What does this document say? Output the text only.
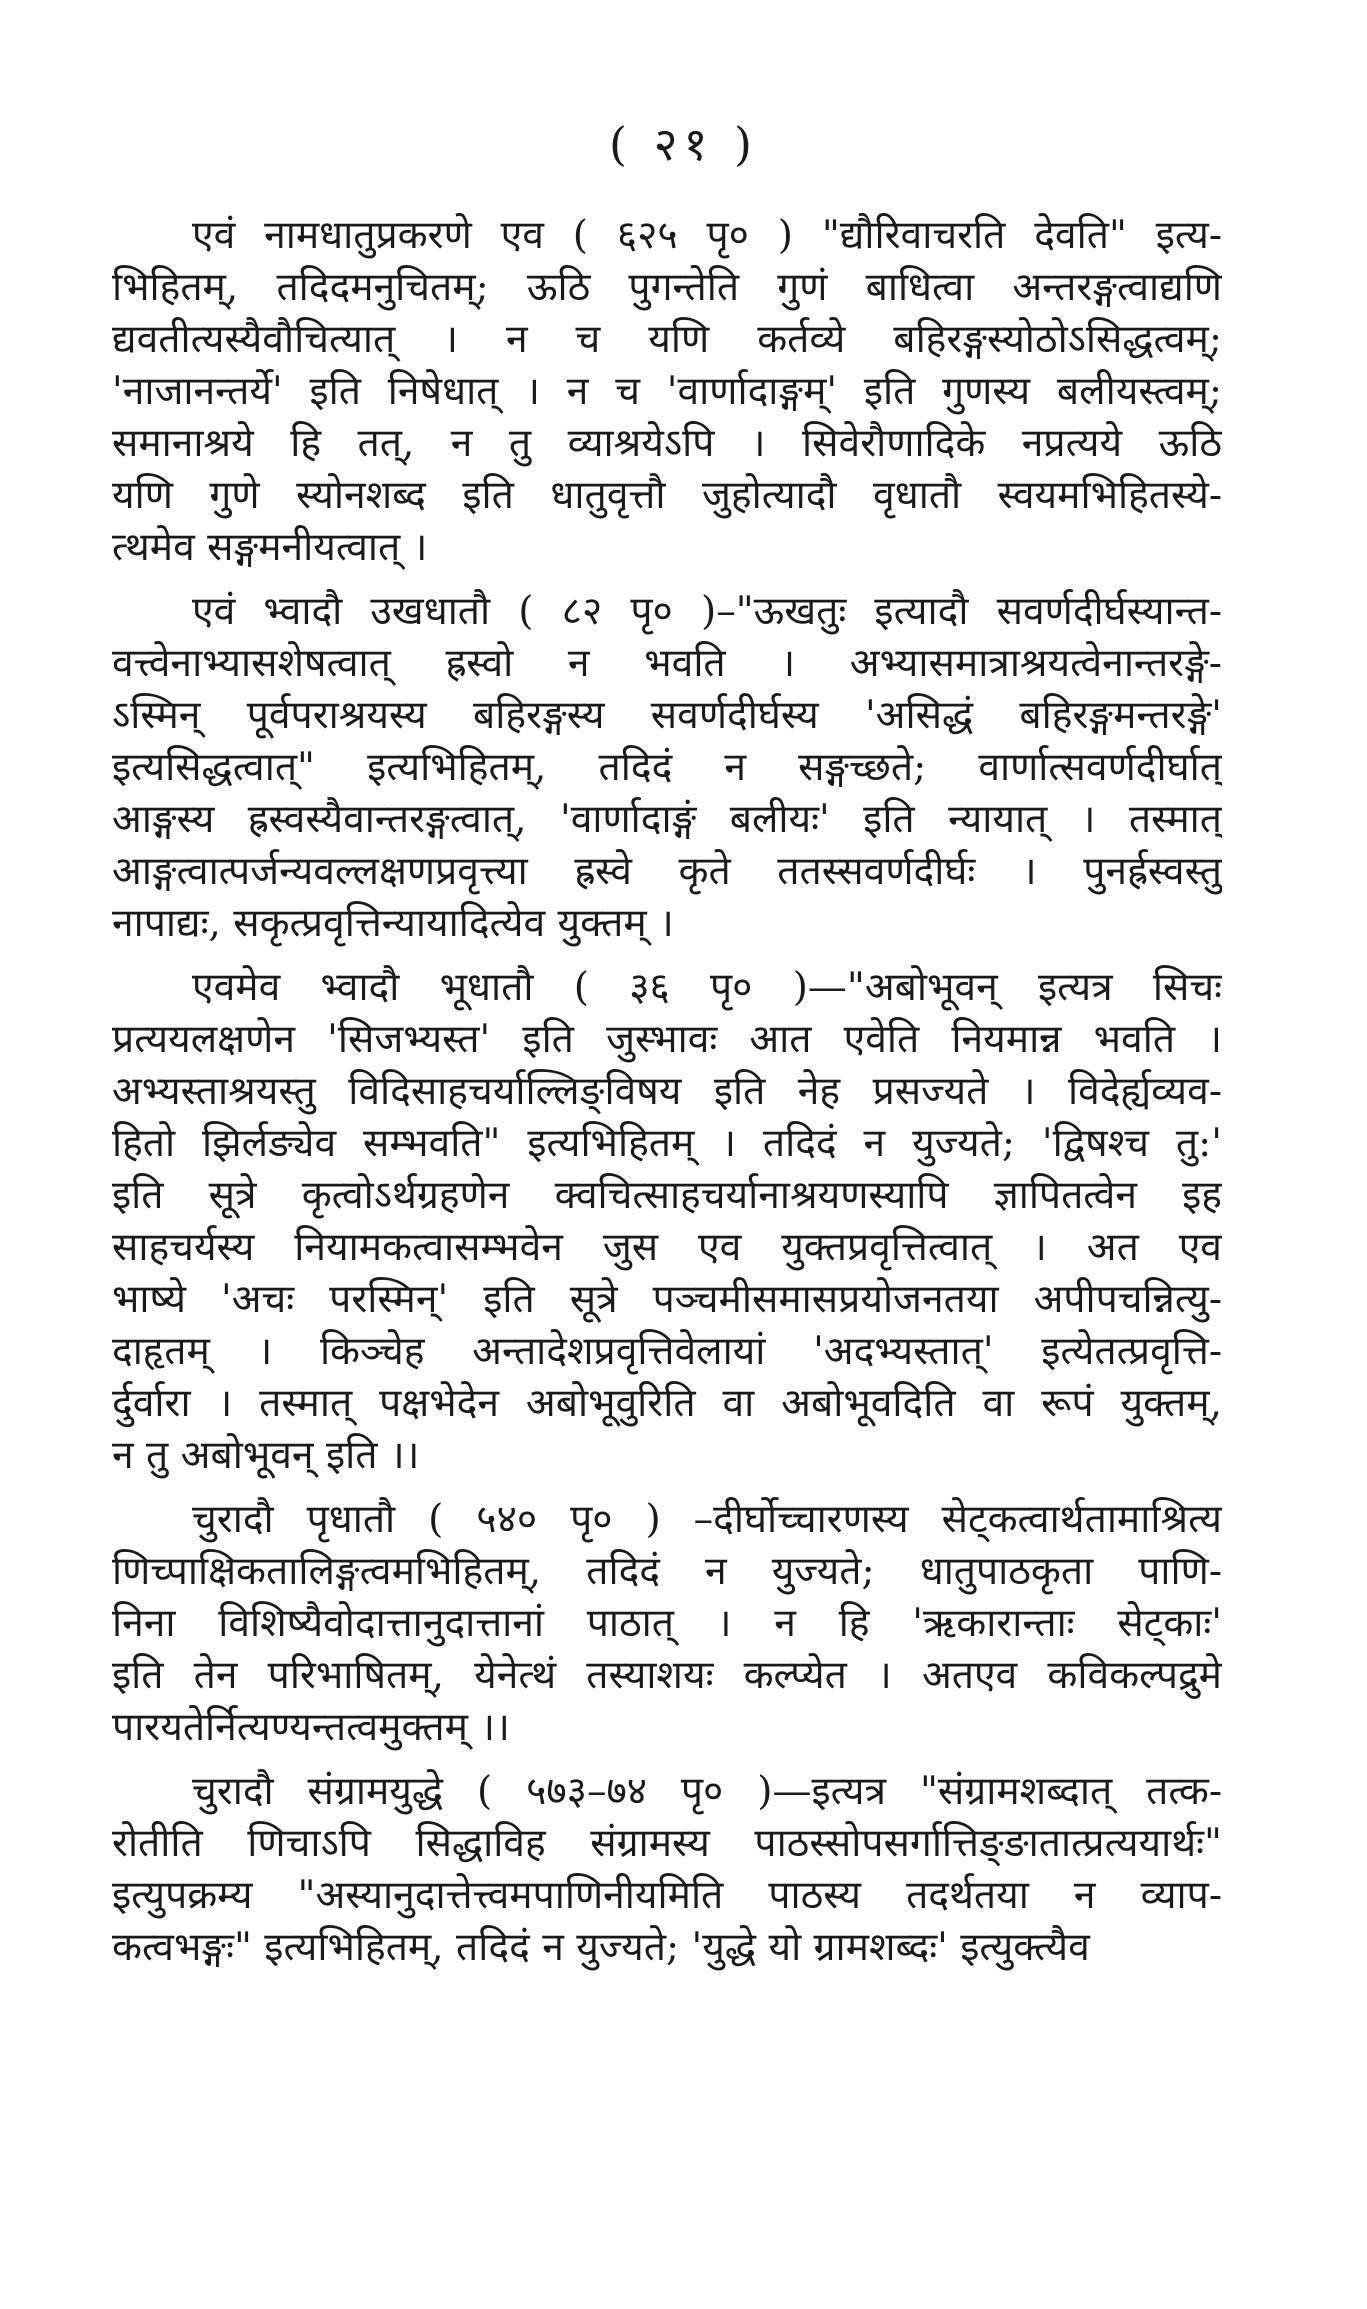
( २१ )
एवं नामधातुप्रकरणे एव ( ६२५ पृ० ) "द्यौरिवाचरति देवति" इत्य-
भिहितम्, तदिदमनुचितम्; ऊठि पुगन्तेति गुणं बाधित्वा अन्तरङ्गत्वाद्यणि
द्यवतीत्यस्यैवौचित्यात् । न च यणि कर्तव्ये बहिरङ्गस्योठोऽसिद्धत्वम्;
'नाजानन्तर्ये' इति निषेधात् । न च 'वार्णादाङ्गम्' इति गुणस्य बलीयस्त्वम्;
समानाश्रये हि तत्, न तु व्याश्रयेऽपि । सिवेरौणादिके नप्रत्यये ऊठि
यणि गुणे स्योनशब्द इति धातुवृत्तौ जुहोत्यादौ वृधातौ स्वयमभिहितस्ये-
त्थमेव सङ्गमनीयत्वात् ।
एवं भ्वादौ उखधातौ ( ८२ पृ० )–"ऊखतुः इत्यादौ सवर्णदीर्घस्यान्त-
वत्त्वेनाभ्यासशेषत्वात् ह्रस्वो न भवति । अभ्यासमात्राश्रयत्वेनान्तरङ्गे-
ऽस्मिन् पूर्वपराश्रयस्य बहिरङ्गस्य सवर्णदीर्घस्य 'असिद्धं बहिरङ्गमन्तरङ्गे'
इत्यसिद्धत्वात्" इत्यभिहितम्, तदिदं न सङ्गच्छते; वार्णात्सवर्णदीर्घात्
आङ्गस्य ह्रस्वस्यैवान्तरङ्गत्वात्, 'वार्णादाङ्गं बलीयः' इति न्यायात् । तस्मात्
आङ्गत्वात्पर्जन्यवल्लक्षणप्रवृत्त्या ह्रस्वे कृते ततस्सवर्णदीर्घः । पुनर्ह्रस्वस्तु
नापाद्यः, सकृत्प्रवृत्तिन्यायादित्येव युक्तम् ।
एवमेव भ्वादौ भूधातौ ( ३६ पृ० )—"अबोभूवन् इत्यत्र सिचः
प्रत्ययलक्षणेन 'सिजभ्यस्त' इति जुस्भावः आत एवेति नियमान्न भवति ।
अभ्यस्ताश्रयस्तु विदिसाहचर्याल्लिङ्विषय इति नेह प्रसज्यते । विदेर्ह्यव्यव-
हितो झिर्लङ्येव सम्भवति" इत्यभिहितम् । तदिदं न युज्यते; 'द्विषश्च तु:'
इति सूत्रे कृत्वोऽर्थग्रहणेन क्वचित्साहचर्यानाश्रयणस्यापि ज्ञापितत्वेन इह
साहचर्यस्य नियामकत्वासम्भवेन जुस एव युक्तप्रवृत्तित्वात् । अत एव
भाष्ये 'अचः परस्मिन्' इति सूत्रे पञ्चमीसमासप्रयोजनतया अपीपचन्नित्यु-
दाहृतम् । किञ्चेह अन्तादेशप्रवृत्तिवेलायां 'अदभ्यस्तात्' इत्येतत्प्रवृत्ति-
र्दुर्वारा । तस्मात् पक्षभेदेन अबोभूवुरिति वा अबोभूवदिति वा रूपं युक्तम्,
न तु अबोभूवन् इति ।।
चुरादौ पृधातौ ( ५४० पृ० ) –दीर्घोच्चारणस्य सेट्कत्वार्थतामाश्रित्य
णिच्पाक्षिकतालिङ्गत्वमभिहितम्, तदिदं न युज्यते; धातुपाठकृता पाणि-
निना विशिष्यैवोदात्तानुदात्तानां पाठात् । न हि 'ऋकारान्ताः सेट्काः'
इति तेन परिभाषितम्, येनेत्थं तस्याशयः कल्प्येत । अतएव कविकल्पद्रुमे
पारयतेर्नित्यण्यन्तत्वमुक्तम् ।।
चुरादौ संग्रामयुद्धे ( ५७३–७४ पृ० )—इत्यत्र "संग्रामशब्दात् तत्क-
रोतीति णिचाऽपि सिद्धाविह संग्रामस्य पाठस्सोपसर्गात्तिङ्ङातात्प्रत्ययार्थः"
इत्युपक्रम्य "अस्यानुदात्तेत्त्वमपाणिनीयमिति पाठस्य तदर्थतया न व्याप-
कत्वभङ्गः" इत्यभिहितम्, तदिदं न युज्यते; 'युद्धे यो ग्रामशब्दः' इत्युक्त्यैव
